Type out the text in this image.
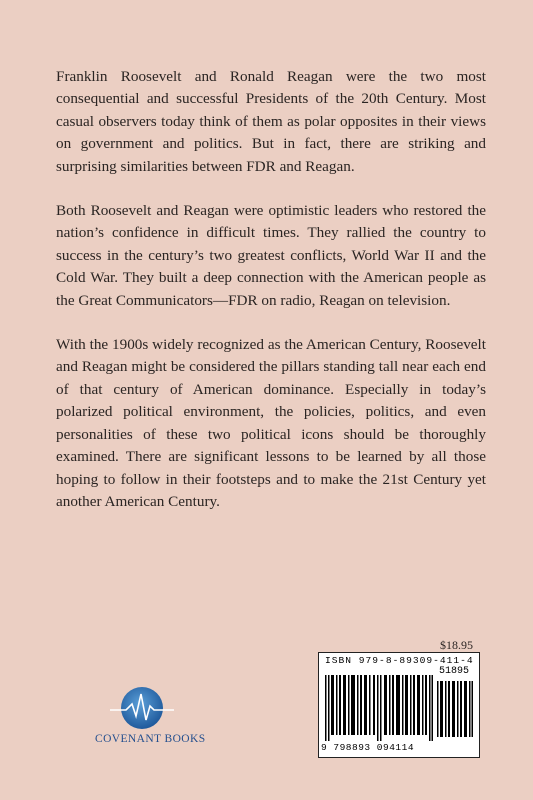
Franklin Roosevelt and Ronald Reagan were the two most consequential and successful Presidents of the 20th Century. Most casual observers today think of them as polar opposites in their views on government and politics. But in fact, there are striking and surprising similarities between FDR and Reagan.

Both Roosevelt and Reagan were optimistic leaders who restored the nation’s confidence in difficult times. They rallied the country to success in the century’s two greatest conflicts, World War II and the Cold War. They built a deep connection with the American people as the Great Communicators—FDR on radio, Reagan on television.

With the 1900s widely recognized as the American Century, Roosevelt and Reagan might be considered the pillars standing tall near each end of that century of American dominance. Especially in today’s polarized political environment, the policies, politics, and even personalities of these two political icons should be thoroughly examined. There are significant lessons to be learned by all those hoping to follow in their footsteps and to make the 21st Century yet another American Century.

$18.95
ISBN 979-8-89309-411-4
51895
9 798893 094114
COVENANT BOOKS
